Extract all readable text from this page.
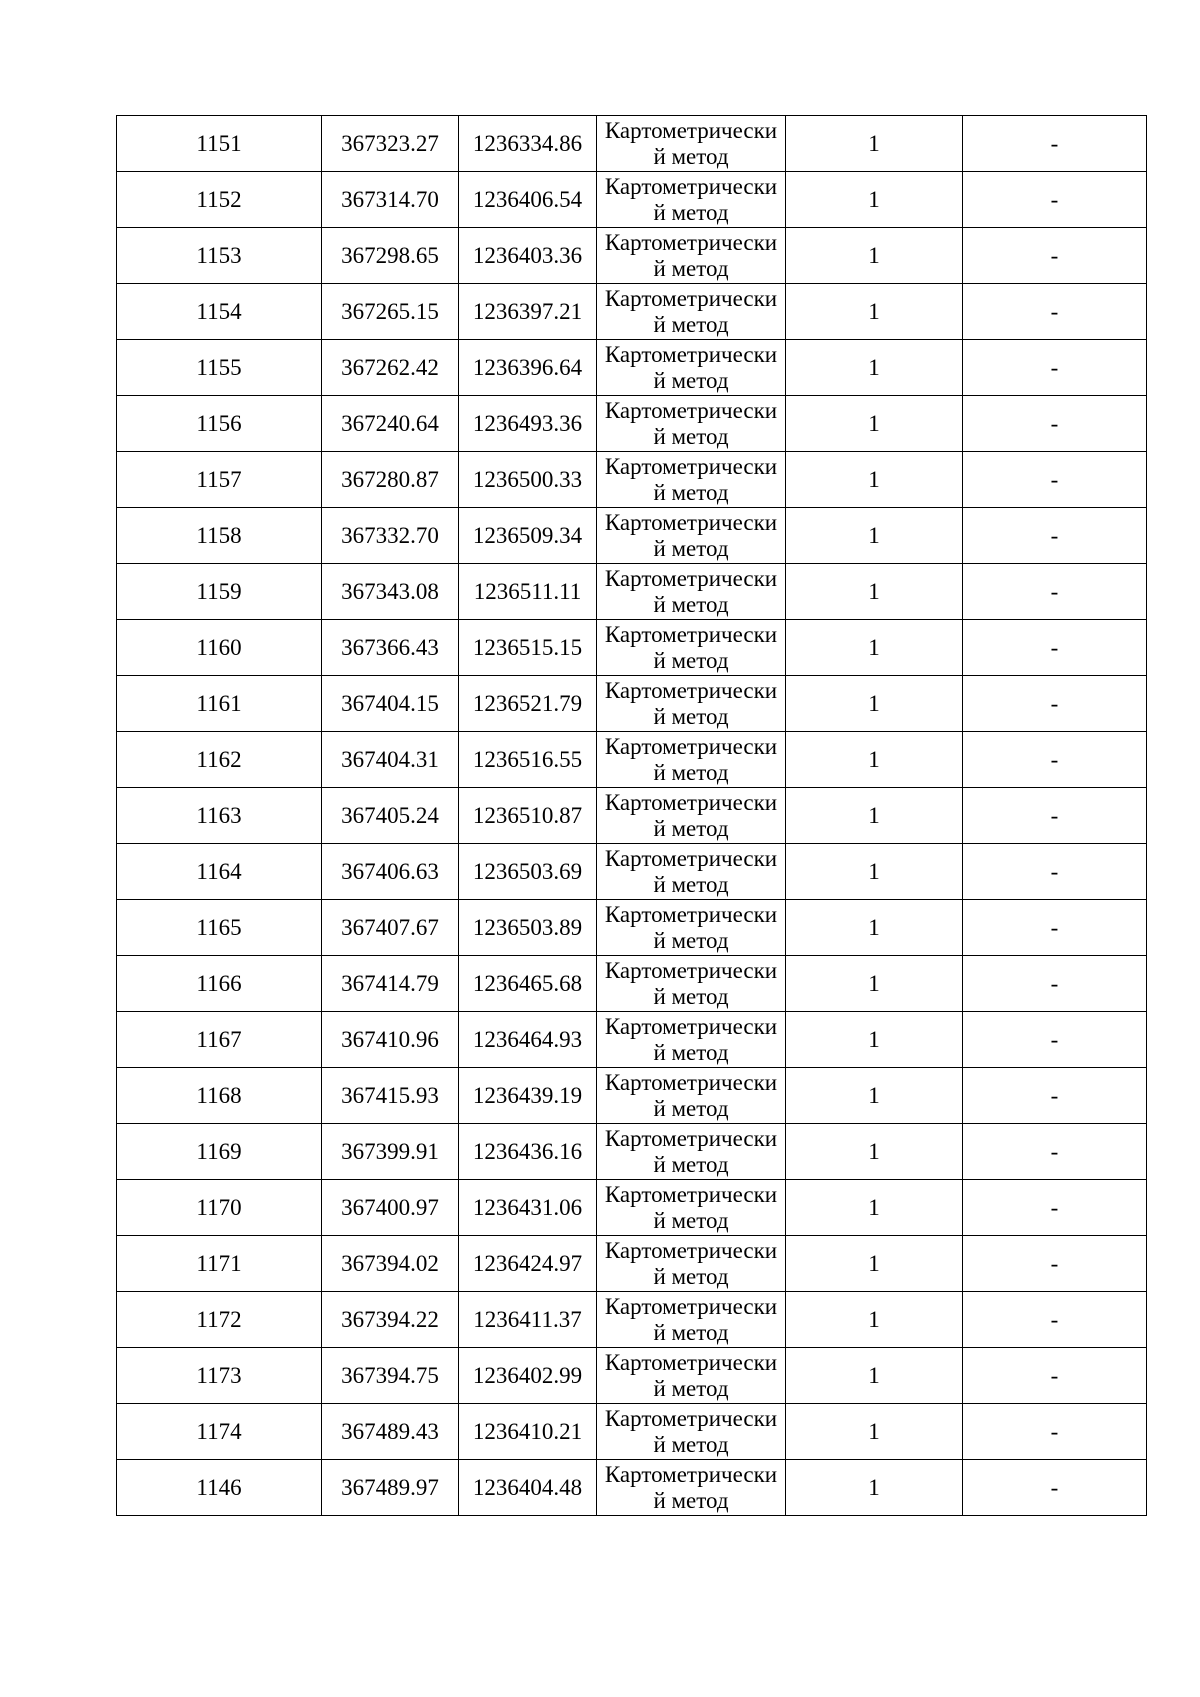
1151	367323.27	1236334.86	Картометрический метод	1	-
1152	367314.70	1236406.54	Картометрический метод	1	-
1153	367298.65	1236403.36	Картометрический метод	1	-
1154	367265.15	1236397.21	Картометрический метод	1	-
1155	367262.42	1236396.64	Картометрический метод	1	-
1156	367240.64	1236493.36	Картометрический метод	1	-
1157	367280.87	1236500.33	Картометрический метод	1	-
1158	367332.70	1236509.34	Картометрический метод	1	-
1159	367343.08	1236511.11	Картометрический метод	1	-
1160	367366.43	1236515.15	Картометрический метод	1	-
1161	367404.15	1236521.79	Картометрический метод	1	-
1162	367404.31	1236516.55	Картометрический метод	1	-
1163	367405.24	1236510.87	Картометрический метод	1	-
1164	367406.63	1236503.69	Картометрический метод	1	-
1165	367407.67	1236503.89	Картометрический метод	1	-
1166	367414.79	1236465.68	Картометрический метод	1	-
1167	367410.96	1236464.93	Картометрический метод	1	-
1168	367415.93	1236439.19	Картометрический метод	1	-
1169	367399.91	1236436.16	Картометрический метод	1	-
1170	367400.97	1236431.06	Картометрический метод	1	-
1171	367394.02	1236424.97	Картометрический метод	1	-
1172	367394.22	1236411.37	Картометрический метод	1	-
1173	367394.75	1236402.99	Картометрический метод	1	-
1174	367489.43	1236410.21	Картометрический метод	1	-
1146	367489.97	1236404.48	Картометрический метод	1	-
